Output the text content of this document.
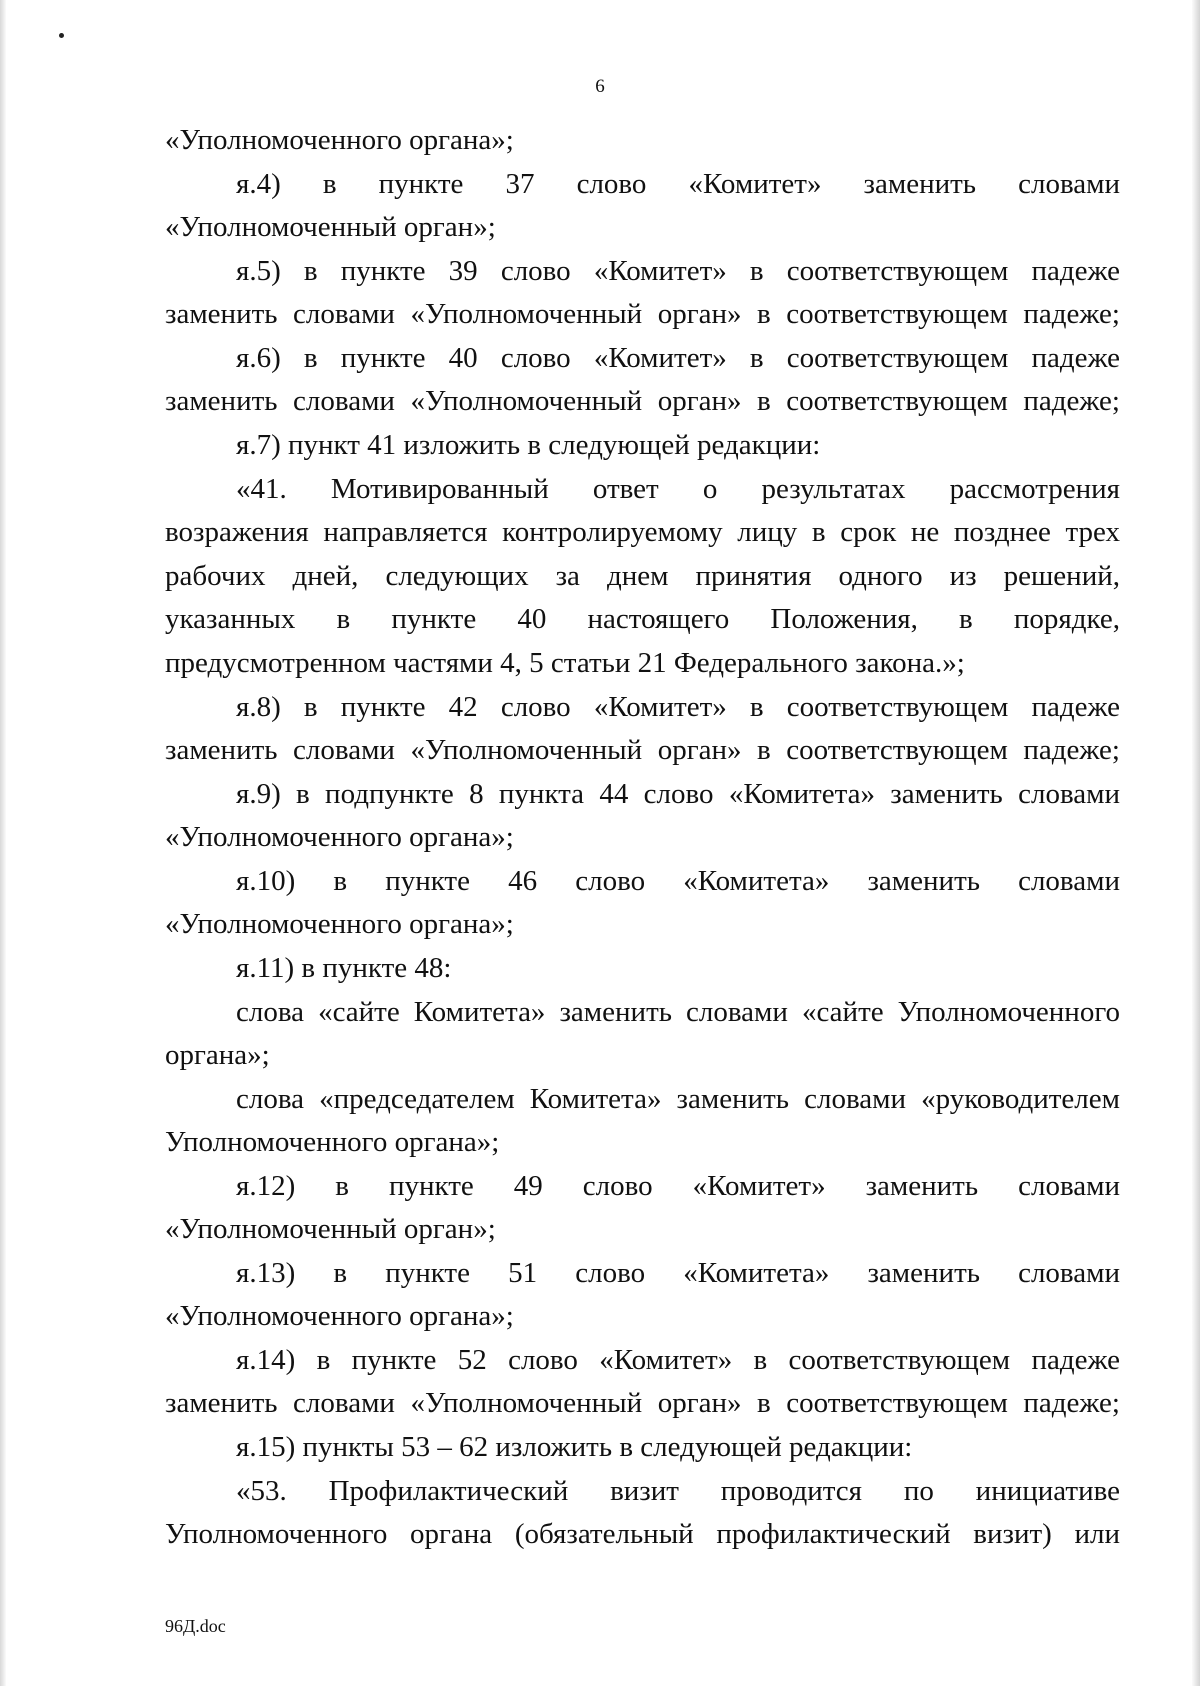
6
«Уполномоченного органа»;
я.4) в пункте 37 слово «Комитет» заменить словами
«Уполномоченный орган»;
я.5) в пункте 39 слово «Комитет» в соответствующем падеже
заменить словами «Уполномоченный орган» в соответствующем падеже;
я.6) в пункте 40 слово «Комитет» в соответствующем падеже
заменить словами «Уполномоченный орган» в соответствующем падеже;
я.7) пункт 41 изложить в следующей редакции:
«41. Мотивированный ответ о результатах рассмотрения
возражения направляется контролируемому лицу в срок не позднее трех
рабочих дней, следующих за днем принятия одного из решений,
указанных в пункте 40 настоящего Положения, в порядке,
предусмотренном частями 4, 5 статьи 21 Федерального закона.»;
я.8) в пункте 42 слово «Комитет» в соответствующем падеже
заменить словами «Уполномоченный орган» в соответствующем падеже;
я.9) в подпункте 8 пункта 44 слово «Комитета» заменить словами
«Уполномоченного органа»;
я.10) в пункте 46 слово «Комитета» заменить словами
«Уполномоченного органа»;
я.11) в пункте 48:
слова «сайте Комитета» заменить словами «сайте Уполномоченного
органа»;
слова «председателем Комитета» заменить словами «руководителем
Уполномоченного органа»;
я.12) в пункте 49 слово «Комитет» заменить словами
«Уполномоченный орган»;
я.13) в пункте 51 слово «Комитета» заменить словами
«Уполномоченного органа»;
я.14) в пункте 52 слово «Комитет» в соответствующем падеже
заменить словами «Уполномоченный орган» в соответствующем падеже;
я.15) пункты 53 – 62 изложить в следующей редакции:
«53. Профилактический визит проводится по инициативе
Уполномоченного органа (обязательный профилактический визит) или
96Д.doc
